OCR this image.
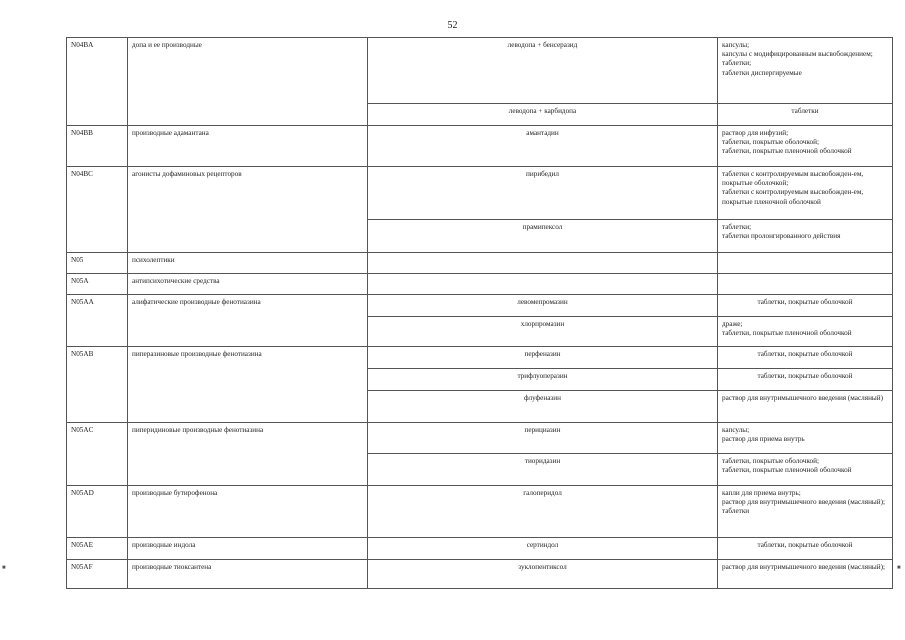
52
■	■
N04BA	допа и ее производные	леводопа + бенсеразид	капсулы;
капсулы с модифицированным высвобождением;
таблетки;
таблетки диспергируемые
		леводопа + карбидопа	таблетки
N04BB	производные адамантана	амантадин	раствор для инфузий;
таблетки, покрытые оболочкой;
таблетки, покрытые пленочной оболочкой
N04BC	агонисты дофаминовых рецепторов	пирибедил	таблетки с контролируемым высвобожден-ем, покрытые оболочкой;
таблетки с контролируемым высвобожден-ем, покрытые пленочной оболочкой
		прамипексол	таблетки;
таблетки пролонгированного действия
N05	психолептики		
N05A	антипсихотические средства		
N05AA	алифатические производные фенотиазина	левомепромазин	таблетки, покрытые оболочкой
		хлорпромазин	драже;
таблетки, покрытые пленочной оболочкой
N05AB	пиперазиновые производные фенотиазина	перфеназин	таблетки, покрытые оболочкой
		трифлуоперазин	таблетки, покрытые оболочкой
		флуфеназин	раствор для внутримышечного введения (масляный)
N05AC	пиперидиновые производные фенотиазина	перициазин	капсулы;
раствор для приема внутрь
		тиоридазин	таблетки, покрытые оболочкой;
таблетки, покрытые пленочной оболочкой
N05AD	производные бутирофенона	галоперидол	капли для приема внутрь;
раствор для внутримышечного введения (масляный);
таблетки
N05AE	производные индола	сертиндол	таблетки, покрытые оболочкой
N05AF	производные тиоксантена	зуклопентиксол	раствор для внутримышечного введения (масляный);
